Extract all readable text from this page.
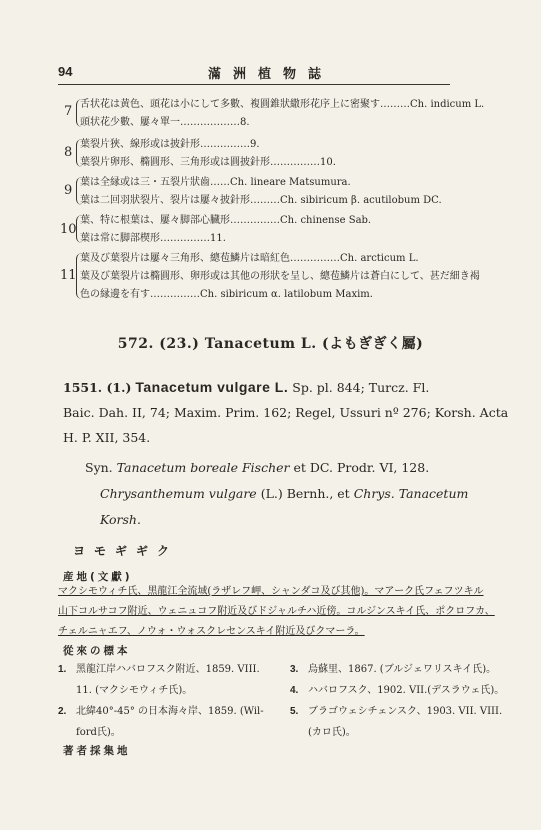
94	滿洲植物誌
7 舌状花は黄色、頭花は小にして多數、複圓錐狀繖形花序上に密聚す………Ch. indicum L.
頭状花少數、屢々單一………………8.
8
葉裂片狹、線形或は披針形……………9.
葉裂片卵形、橢圓形、三角形或は圓披針形……………10.
9
葉は全縁或は三・五裂片狀齒……Ch. lineare Matsumura.
葉は二回羽狀裂片、裂片は屢々披針形………Ch. sibiricum β. acutilobum DC.
10
葉、特に根葉は、屢々脚部心臓形……………Ch. chinense Sab.
葉は常に脚部楔形……………11.
11
葉及び葉裂片は屢々三角形、總苞鱗片は暗紅色……………Ch. arcticum L.
葉及び葉裂片は橢圓形、卵形或は其他の形狀を呈し、總苞鱗片は蒼白にして、甚だ細き褐
色の縁邊を有す……………Ch. sibiricum α. latilobum Maxim.
572. (23.) Tanacetum L. (よもぎぎく屬)
1551. (1.) Tanacetum vulgare L. Sp. pl. 844; Turcz. Fl.
Baic. Dah. II, 74; Maxim. Prim. 162; Regel, Ussuri nº 276; Korsh. Acta
H. P. XII, 354.
Syn. Tanacetum boreale Fischer et DC. Prodr. VI, 128.
Chrysanthemum vulgare (L.) Bernh., et Chrys. Tanacetum
Korsh.
ヨモギギク
産地(文獻)
マクシモウィチ氏、黑龍江全流域(ラザレフ岬、シャンダコ及び其他)。マアーク氏フェフツキル
山下コルサコフ附近、ウェニュコフ附近及びドジャルチハ近傍。コルジンスキイ氏、ポクロフカ、
チェルニャエフ、ノウォ・ウォスクレセンスキイ附近及びクマーラ。
從來の標本
1. 黑龍江岸ハバロフスク附近、1859. VIII.
11. (マクシモウィチ氏)。
2. 北緯40°-45° の日本海々岸、1859. (Wil-
ford氏)。
3. 烏蘇里、1867. (ブルジェワリスキイ氏)。
4. ハバロフスク、1902. VII.(デスラウェ氏)。
5. ブラゴウェシチェンスク、1903. VII. VIII.
(カロ氏)。
著者採集地
